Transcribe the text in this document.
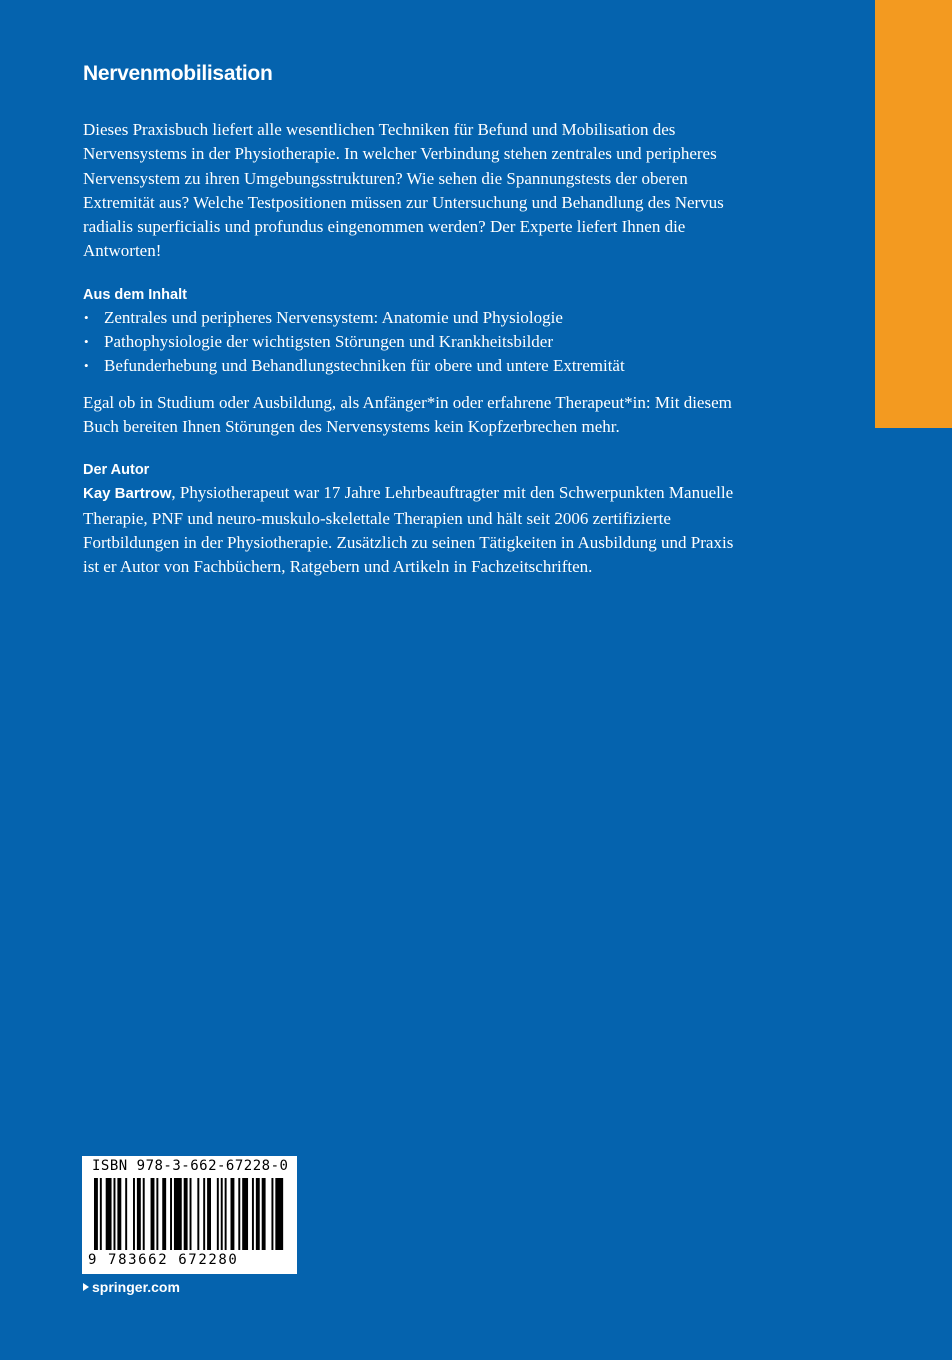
Nervenmobilisation

Dieses Praxisbuch liefert alle wesentlichen Techniken für Befund und Mobilisation des Nervensystems in der Physiotherapie. In welcher Verbindung stehen zentrales und peripheres Nervensystem zu ihren Umgebungsstrukturen? Wie sehen die Spannungstests der oberen Extremität aus? Welche Testpositionen müssen zur Untersuchung und Behandlung des Nervus radialis superficialis und profundus eingenommen werden? Der Experte liefert Ihnen die Antworten!

Aus dem Inhalt
• Zentrales und peripheres Nervensystem: Anatomie und Physiologie
• Pathophysiologie der wichtigsten Störungen und Krankheitsbilder
• Befunderhebung und Behandlungstechniken für obere und untere Extremität

Egal ob in Studium oder Ausbildung, als Anfänger*in oder erfahrene Therapeut*in: Mit diesem Buch bereiten Ihnen Störungen des Nervensystems kein Kopfzerbrechen mehr.

Der Autor

Kay Bartrow, Physiotherapeut war 17 Jahre Lehrbeauftragter mit den Schwerpunkten Manuelle Therapie, PNF und neuro-muskulo-skelettale Therapien und hält seit 2006 zertifizierte Fortbildungen in der Physiotherapie. Zusätzlich zu seinen Tätigkeiten in Ausbildung und Praxis ist er Autor von Fachbüchern, Ratgebern und Artikeln in Fachzeitschriften.

ISBN 978-3-662-67228-0
9 783662 672280
springer.com
